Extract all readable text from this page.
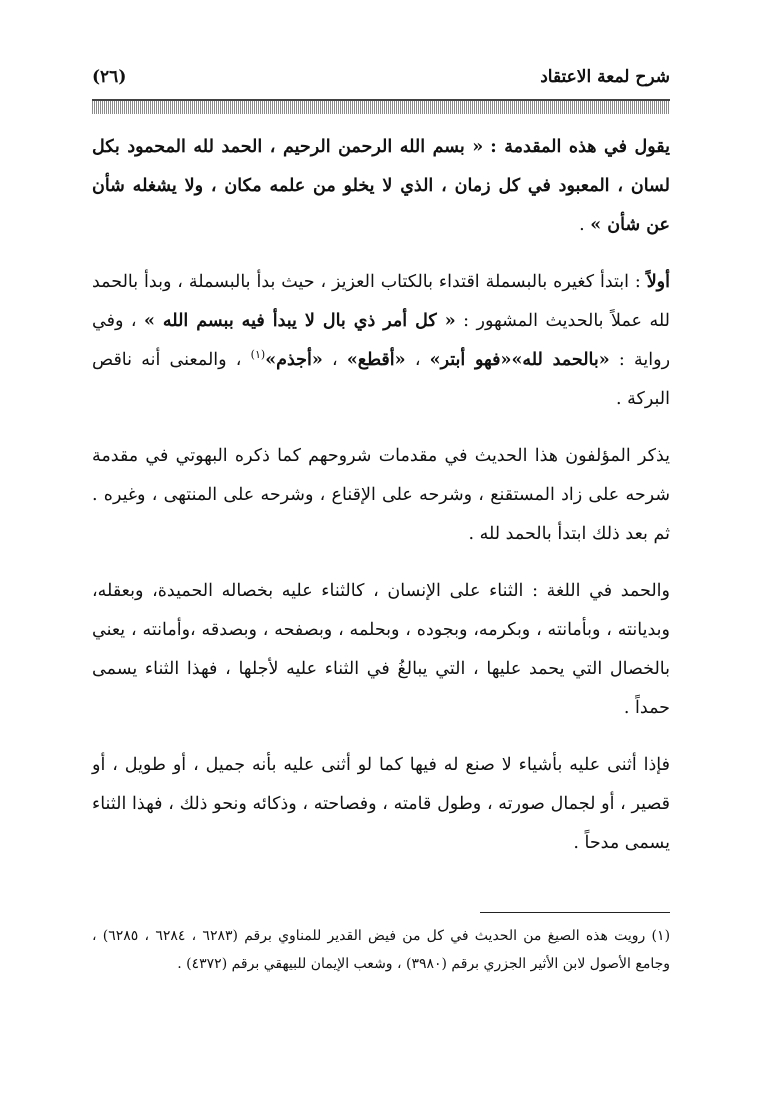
شرح لمعة الاعتقاد
(٢٦)

يقول في هذه المقدمة : « بسم الله الرحمن الرحيم ، الحمد لله المحمود بكل لسان ، المعبود في كل زمان ، الذي لا يخلو من علمه مكان ، ولا يشغله شأن عن شأن » .

أولاً : ابتدأ كغيره بالبسملة اقتداء بالكتاب العزيز ، حيث بدأ بالبسملة ، وبدأ بالحمد لله عملاً بالحديث المشهور : « كل أمر ذي بال لا يبدأ فيه ببسم الله » ، وفي رواية : «بالحمد لله»«فهو أبتر» ، «أقطع» ، «أجذم»$^{(١)}$ ، والمعنى أنه ناقص البركة .

يذكر المؤلفون هذا الحديث في مقدمات شروحهم كما ذكره البهوتي في مقدمة شرحه على زاد المستقنع ، وشرحه على الإقناع ، وشرحه على المنتهى ، وغيره . ثم بعد ذلك ابتدأ بالحمد لله .

والحمد في اللغة : الثناء على الإنسان ، كالثناء عليه بخصاله الحميدة، وبعقله، وبديانته ، وبأمانته ، وبكرمه، وبجوده ، وبحلمه ، وبصفحه ، وبصدقه ،وأمانته ، يعني بالخصال التي يحمد عليها ، التي يبالغُ في الثناء عليه لأجلها ، فهذا الثناء يسمى حمداً .

فإذا أثنى عليه بأشياء لا صنع له فيها كما لو أثنى عليه بأنه جميل ، أو طويل ، أو قصير ، أو لجمال صورته ، وطول قامته ، وفصاحته ، وذكائه ونحو ذلك ، فهذا الثناء يسمى مدحاً .

(١) رويت هذه الصيغ من الحديث في كل من فيض القدير للمناوي برقم (٦٢٨٣ ، ٦٢٨٤ ، ٦٢٨٥) ، وجامع الأصول لابن الأثير الجزري برقم (٣٩٨٠) ، وشعب الإيمان للبيهقي برقم (٤٣٧٢) .
